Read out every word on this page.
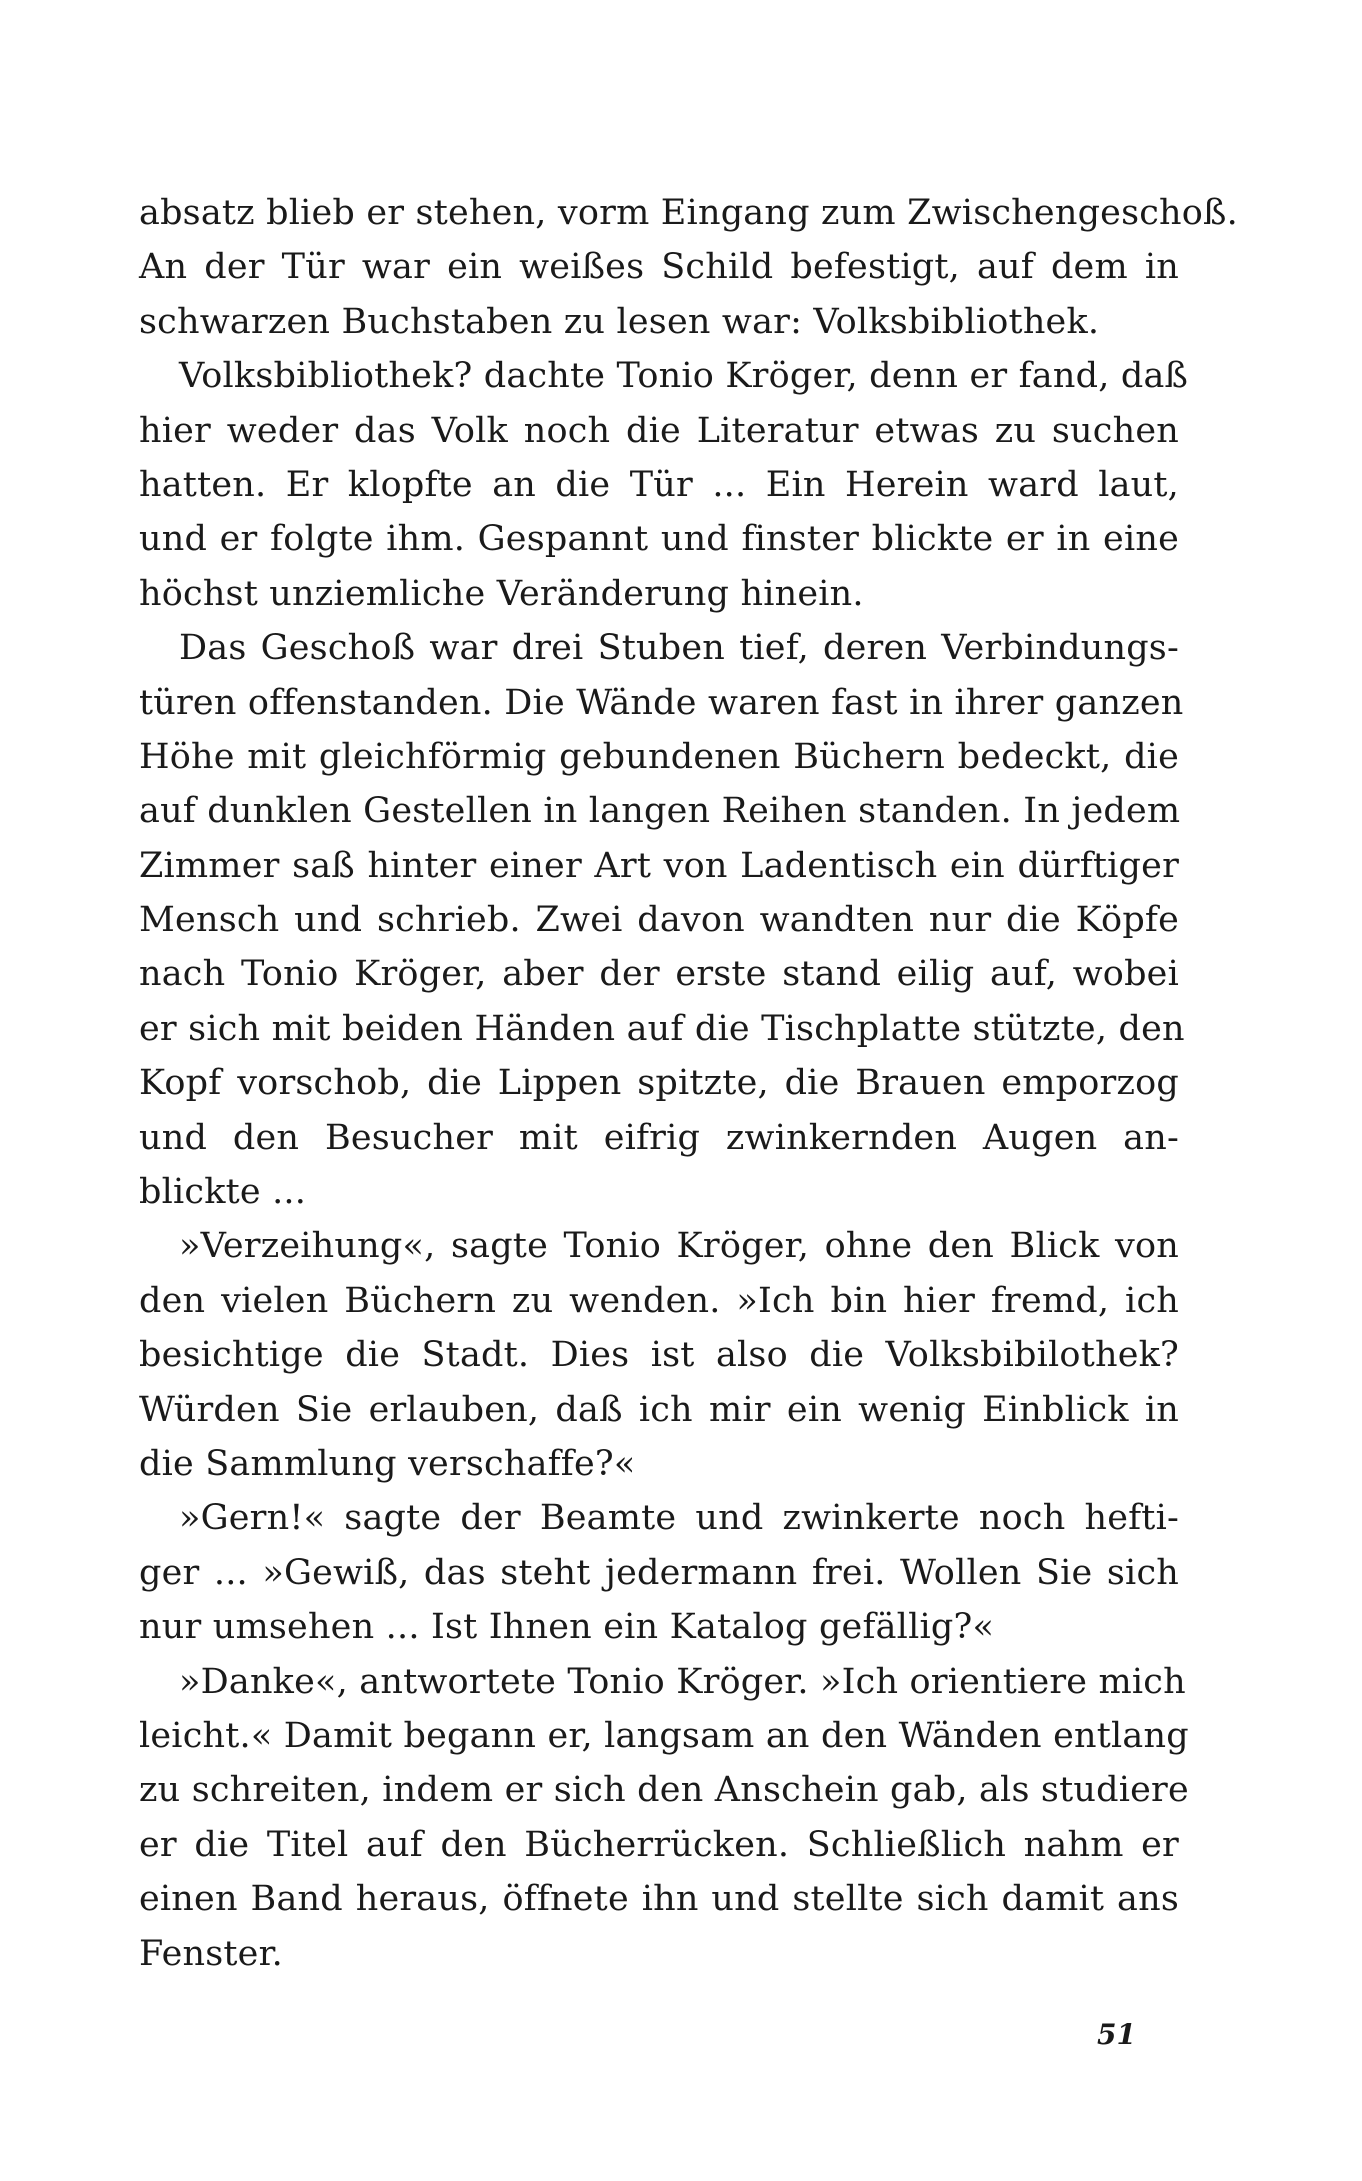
absatz blieb er stehen, vorm Eingang zum Zwischengeschoß.
An der Tür war ein weißes Schild befestigt, auf dem in
schwarzen Buchstaben zu lesen war: Volksbibliothek.
Volksbibliothek? dachte Tonio Kröger, denn er fand, daß
hier weder das Volk noch die Literatur etwas zu suchen
hatten. Er klopfte an die Tür ... Ein Herein ward laut,
und er folgte ihm. Gespannt und finster blickte er in eine
höchst unziemliche Veränderung hinein.
Das Geschoß war drei Stuben tief, deren Verbindungs-
türen offenstanden. Die Wände waren fast in ihrer ganzen
Höhe mit gleichförmig gebundenen Büchern bedeckt, die
auf dunklen Gestellen in langen Reihen standen. In jedem
Zimmer saß hinter einer Art von Ladentisch ein dürftiger
Mensch und schrieb. Zwei davon wandten nur die Köpfe
nach Tonio Kröger, aber der erste stand eilig auf, wobei
er sich mit beiden Händen auf die Tischplatte stützte, den
Kopf vorschob, die Lippen spitzte, die Brauen emporzog
und den Besucher mit eifrig zwinkernden Augen an-
blickte ...
»Verzeihung«, sagte Tonio Kröger, ohne den Blick von
den vielen Büchern zu wenden. »Ich bin hier fremd, ich
besichtige die Stadt. Dies ist also die Volksbibilothek?
Würden Sie erlauben, daß ich mir ein wenig Einblick in
die Sammlung verschaffe?«
»Gern!« sagte der Beamte und zwinkerte noch hefti-
ger ... »Gewiß, das steht jedermann frei. Wollen Sie sich
nur umsehen ... Ist Ihnen ein Katalog gefällig?«
»Danke«, antwortete Tonio Kröger. »Ich orientiere mich
leicht.« Damit begann er, langsam an den Wänden entlang
zu schreiten, indem er sich den Anschein gab, als studiere
er die Titel auf den Bücherrücken. Schließlich nahm er
einen Band heraus, öffnete ihn und stellte sich damit ans
Fenster.
51
